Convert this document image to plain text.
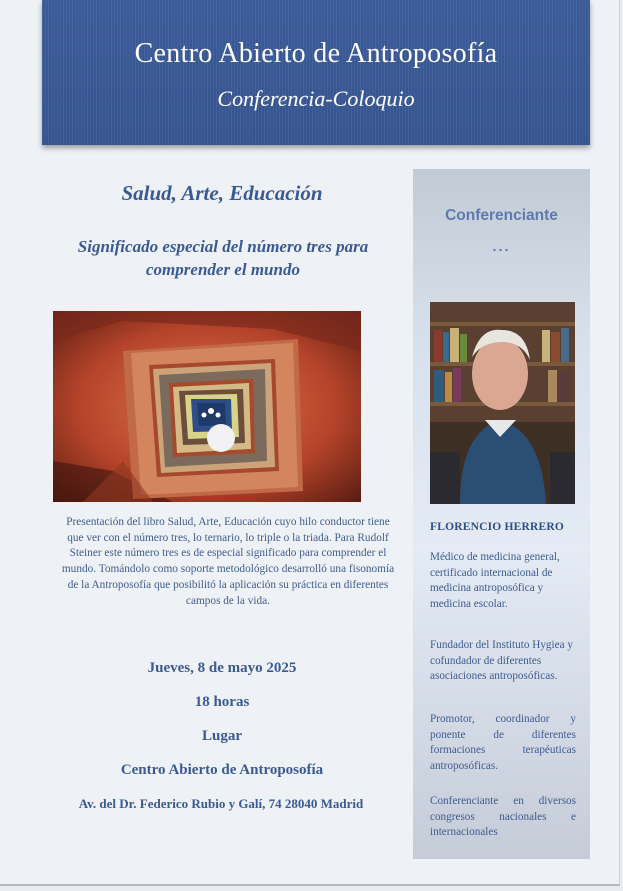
Centro Abierto de Antroposofía
Conferencia-Coloquio
Salud, Arte, Educación
Significado especial del número tres para comprender el mundo
Presentación del libro Salud, Arte, Educación cuyo hilo conductor tiene que ver con el número tres, lo ternario, lo triple o la triada. Para Rudolf Steiner este número tres es de especial significado para comprender el mundo. Tomándolo como soporte metodológico desarrolló una fisonomía de la Antroposofía que posibilitó la aplicación su práctica en diferentes campos de la vida.
Jueves, 8 de mayo 2025
18 horas
Lugar
Centro Abierto de Antroposofía
Av. del Dr. Federico Rubio y Galí, 74 28040 Madrid
Conferenciante
…
FLORENCIO HERRERO
Médico de medicina general, certificado internacional de medicina antroposófica y medicina escolar.
Fundador del Instituto Hygiea y cofundador de diferentes asociaciones antroposóficas.
Promotor, coordinador y ponente de diferentes formaciones terapéuticas antroposóficas.
Conferenciante en diversos congresos nacionales e internacionales
